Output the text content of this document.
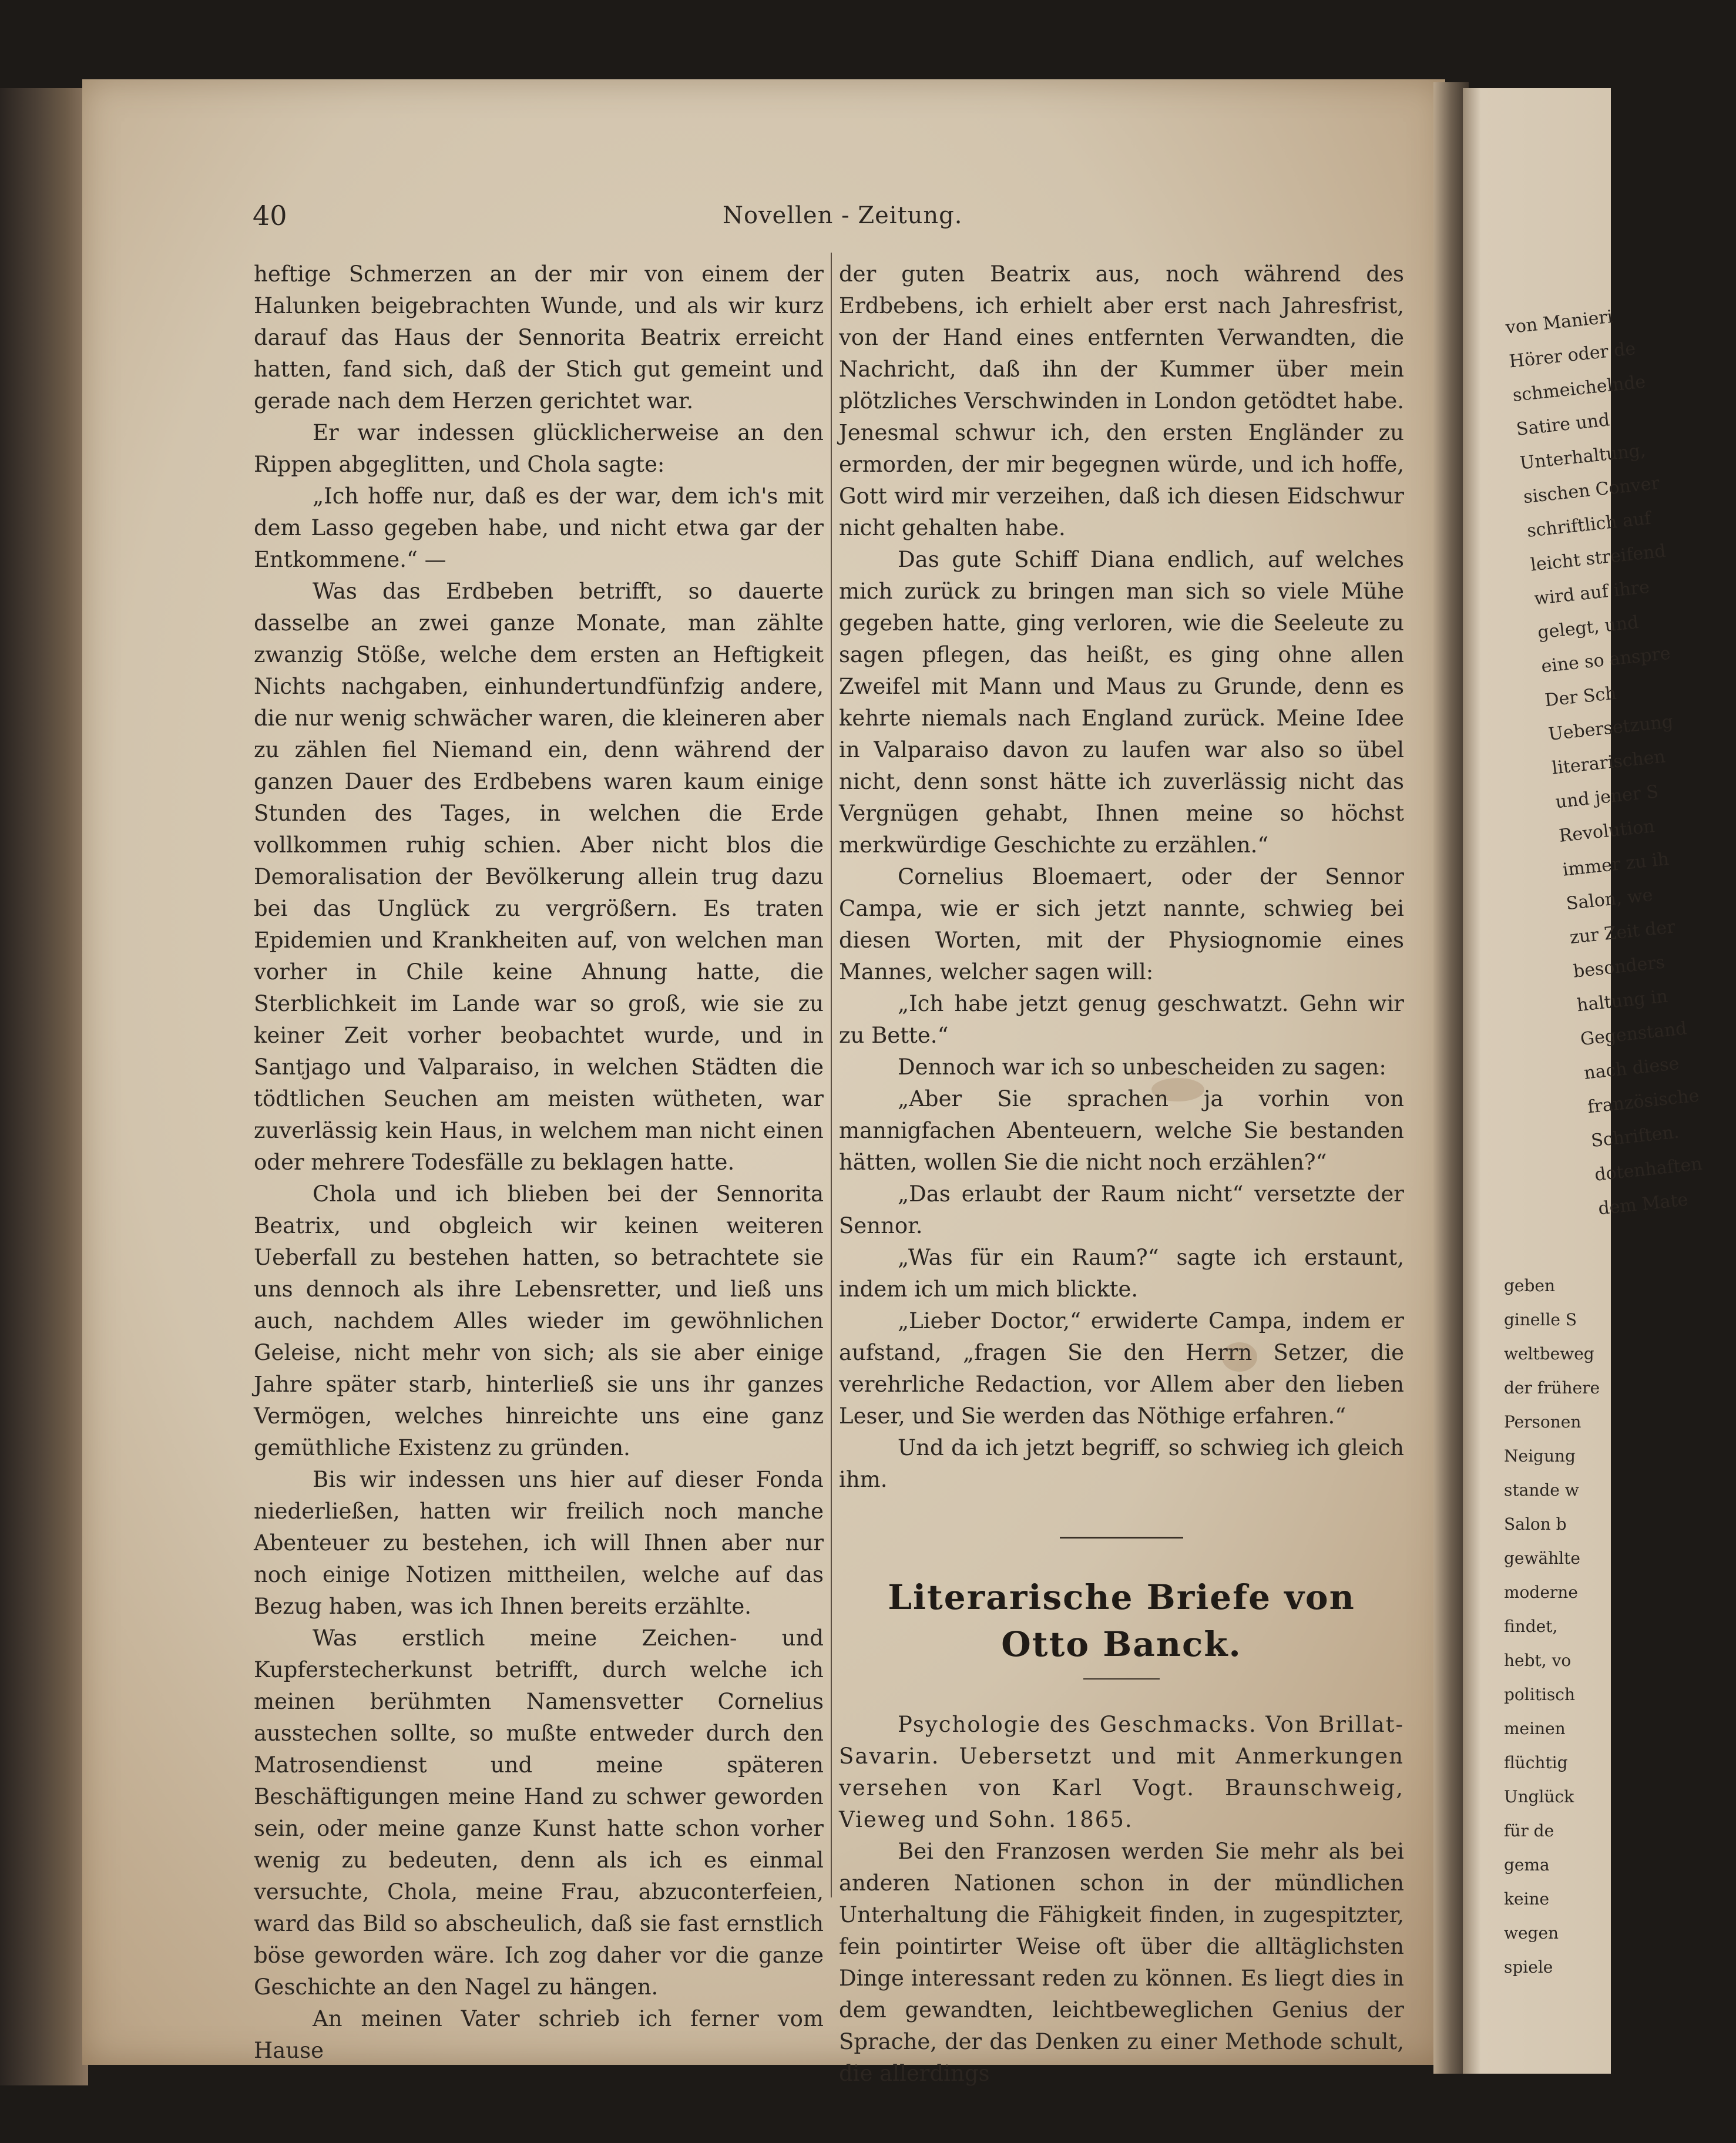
von Manieri
Hörer oder de
schmeichelnde
Satire und
Unterhaltung,
sischen Conver
schriftlich auf
leicht streifend
wird auf ihre
gelegt, und
eine so anspre
Der Sch
Uebersetzung
literarischen
und jener S
Revolution
immer zu ih
Salon, we
zur Zeit der
besonders
haltung in
Gegenstand
nach diese
französische
Schriften.
dotenhaften
dem Mate
geben
ginelle S
weltbeweg
der frühere
Personen
Neigung
stande w
Salon b
gewählte
moderne
findet,
hebt, vo
politisch
meinen
flüchtig
Unglück
für de
gema
keine
wegen
spiele
40	Novellen - Zeitung.

heftige Schmerzen an der mir von einem der Halunken beigebrachten Wunde, und als wir kurz darauf das Haus der Sennorita Beatrix erreicht hatten, fand sich, daß der Stich gut gemeint und gerade nach dem Herzen gerichtet war.

Er war indessen glücklicherweise an den Rippen abgeglitten, und Chola sagte:

„Ich hoffe nur, daß es der war, dem ich's mit dem Lasso gegeben habe, und nicht etwa gar der Entkommene.“ —

Was das Erdbeben betrifft, so dauerte dasselbe an zwei ganze Monate, man zählte zwanzig Stöße, welche dem ersten an Heftigkeit Nichts nachgaben, einhundertundfünfzig andere, die nur wenig schwächer waren, die kleineren aber zu zählen fiel Niemand ein, denn während der ganzen Dauer des Erdbebens waren kaum einige Stunden des Tages, in welchen die Erde vollkommen ruhig schien. Aber nicht blos die Demoralisation der Bevölkerung allein trug dazu bei das Unglück zu vergrößern. Es traten Epidemien und Krankheiten auf, von welchen man vorher in Chile keine Ahnung hatte, die Sterblichkeit im Lande war so groß, wie sie zu keiner Zeit vorher beobachtet wurde, und in Santjago und Valparaiso, in welchen Städten die tödtlichen Seuchen am meisten wütheten, war zuverlässig kein Haus, in welchem man nicht einen oder mehrere Todesfälle zu beklagen hatte.

Chola und ich blieben bei der Sennorita Beatrix, und obgleich wir keinen weiteren Ueberfall zu bestehen hatten, so betrachtete sie uns dennoch als ihre Lebensretter, und ließ uns auch, nachdem Alles wieder im gewöhnlichen Geleise, nicht mehr von sich; als sie aber einige Jahre später starb, hinterließ sie uns ihr ganzes Vermögen, welches hinreichte uns eine ganz gemüthliche Existenz zu gründen.

Bis wir indessen uns hier auf dieser Fonda niederließen, hatten wir freilich noch manche Abenteuer zu bestehen, ich will Ihnen aber nur noch einige Notizen mittheilen, welche auf das Bezug haben, was ich Ihnen bereits erzählte.

Was erstlich meine Zeichen- und Kupferstecherkunst betrifft, durch welche ich meinen berühmten Namensvetter Cornelius ausstechen sollte, so mußte entweder durch den Matrosendienst und meine späteren Beschäftigungen meine Hand zu schwer geworden sein, oder meine ganze Kunst hatte schon vorher wenig zu bedeuten, denn als ich es einmal versuchte, Chola, meine Frau, abzuconterfeien, ward das Bild so abscheulich, daß sie fast ernstlich böse geworden wäre. Ich zog daher vor die ganze Geschichte an den Nagel zu hängen.

An meinen Vater schrieb ich ferner vom Hause

der guten Beatrix aus, noch während des Erdbebens, ich erhielt aber erst nach Jahresfrist, von der Hand eines entfernten Verwandten, die Nachricht, daß ihn der Kummer über mein plötzliches Verschwinden in London getödtet habe. Jenesmal schwur ich, den ersten Engländer zu ermorden, der mir begegnen würde, und ich hoffe, Gott wird mir verzeihen, daß ich diesen Eidschwur nicht gehalten habe.

Das gute Schiff Diana endlich, auf welches mich zurück zu bringen man sich so viele Mühe gegeben hatte, ging verloren, wie die Seeleute zu sagen pflegen, das heißt, es ging ohne allen Zweifel mit Mann und Maus zu Grunde, denn es kehrte niemals nach England zurück. Meine Idee in Valparaiso davon zu laufen war also so übel nicht, denn sonst hätte ich zuverlässig nicht das Vergnügen gehabt, Ihnen meine so höchst merkwürdige Geschichte zu erzählen.“

Cornelius Bloemaert, oder der Sennor Campa, wie er sich jetzt nannte, schwieg bei diesen Worten, mit der Physiognomie eines Mannes, welcher sagen will:

„Ich habe jetzt genug geschwatzt. Gehn wir zu Bette.“

Dennoch war ich so unbescheiden zu sagen:

„Aber Sie sprachen ja vorhin von mannigfachen Abenteuern, welche Sie bestanden hätten, wollen Sie die nicht noch erzählen?“

„Das erlaubt der Raum nicht“ versetzte der Sennor.

„Was für ein Raum?“ sagte ich erstaunt, indem ich um mich blickte.

„Lieber Doctor,“ erwiderte Campa, indem er aufstand, „fragen Sie den Herrn Setzer, die verehrliche Redaction, vor Allem aber den lieben Leser, und Sie werden das Nöthige erfahren.“

Und da ich jetzt begriff, so schwieg ich gleich ihm.

Literarische Briefe von Otto Banck.

Psychologie des Geschmacks. Von Brillat-Savarin. Uebersetzt und mit Anmerkungen versehen von Karl Vogt. Braunschweig, Vieweg und Sohn. 1865.

Bei den Franzosen werden Sie mehr als bei anderen Nationen schon in der mündlichen Unterhaltung die Fähigkeit finden, in zugespitzter, fein pointirter Weise oft über die alltäglichsten Dinge interessant reden zu können. Es liegt dies in dem gewandten, leichtbeweglichen Genius der Sprache, der das Denken zu einer Methode schult, die allerdings
